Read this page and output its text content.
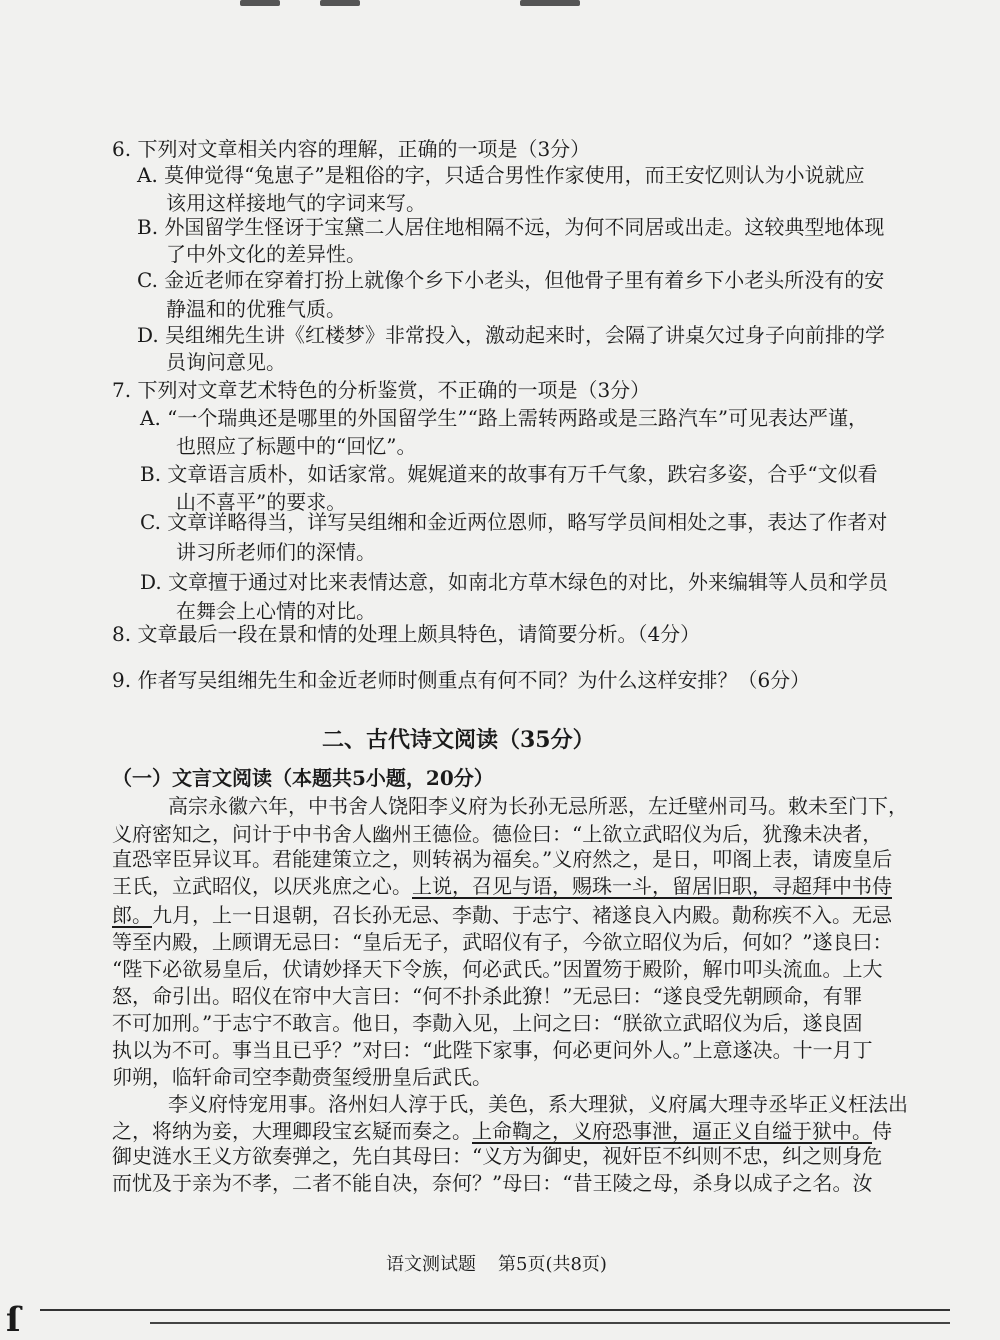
6. 下列对文章相关内容的理解，正确的一项是（3分）
A. 莫伸觉得“兔崽子”是粗俗的字，只适合男性作家使用，而王安忆则认为小说就应
该用这样接地气的字词来写。
B. 外国留学生怪讶于宝黛二人居住地相隔不远，为何不同居或出走。这较典型地体现
了中外文化的差异性。
C. 金近老师在穿着打扮上就像个乡下小老头，但他骨子里有着乡下小老头所没有的安
静温和的优雅气质。
D. 吴组缃先生讲《红楼梦》非常投入，激动起来时，会隔了讲桌欠过身子向前排的学
员询问意见。
7. 下列对文章艺术特色的分析鉴赏，不正确的一项是（3分）
A. “一个瑞典还是哪里的外国留学生”“路上需转两路或是三路汽车”可见表达严谨，
也照应了标题中的“回忆”。
B. 文章语言质朴，如话家常。娓娓道来的故事有万千气象，跌宕多姿，合乎“文似看
山不喜平”的要求。
C. 文章详略得当，详写吴组缃和金近两位恩师，略写学员间相处之事，表达了作者对
讲习所老师们的深情。
D. 文章擅于通过对比来表情达意，如南北方草木绿色的对比，外来编辑等人员和学员
在舞会上心情的对比。
8. 文章最后一段在景和情的处理上颇具特色，请简要分析。（4分）
9. 作者写吴组缃先生和金近老师时侧重点有何不同？为什么这样安排？（6分）
二、古代诗文阅读（35分）
（一）文言文阅读（本题共5小题，20分）
高宗永徽六年，中书舍人饶阳李义府为长孙无忌所恶，左迁壁州司马。敕未至门下，
义府密知之，问计于中书舍人幽州王德俭。德俭曰：“上欲立武昭仪为后，犹豫未决者，
直恐宰臣异议耳。君能建策立之，则转祸为福矣。”义府然之，是日，叩阁上表，请废皇后
王氏，立武昭仪，以厌兆庶之心。上说，召见与语，赐珠一斗，留居旧职，寻超拜中书侍
郎。九月，上一日退朝，召长孙无忌、李勣、于志宁、褚遂良入内殿。勣称疾不入。无忌
等至内殿，上顾谓无忌曰：“皇后无子，武昭仪有子，今欲立昭仪为后，何如？”遂良曰：
“陛下必欲易皇后，伏请妙择天下令族，何必武氏。”因置笏于殿阶，解巾叩头流血。上大
怒，命引出。昭仪在帘中大言曰：“何不扑杀此獠！”无忌曰：“遂良受先朝顾命，有罪
不可加刑。”于志宁不敢言。他日，李勣入见，上问之曰：“朕欲立武昭仪为后，遂良固
执以为不可。事当且已乎？”对曰：“此陛下家事，何必更问外人。”上意遂决。十一月丁
卯朔，临轩命司空李勣赍玺绶册皇后武氏。
李义府恃宠用事。洛州妇人淳于氏，美色，系大理狱，义府属大理寺丞毕正义枉法出
之，将纳为妾，大理卿段宝玄疑而奏之。上命鞫之，义府恐事泄，逼正义自缢于狱中。侍
御史涟水王义方欲奏弹之，先白其母曰：“义方为御史，视奸臣不纠则不忠，纠之则身危
而忧及于亲为不孝，二者不能自决，奈何？”母曰：“昔王陵之母，杀身以成子之名。汝
语文测试题 第5页(共8页)
ſ
